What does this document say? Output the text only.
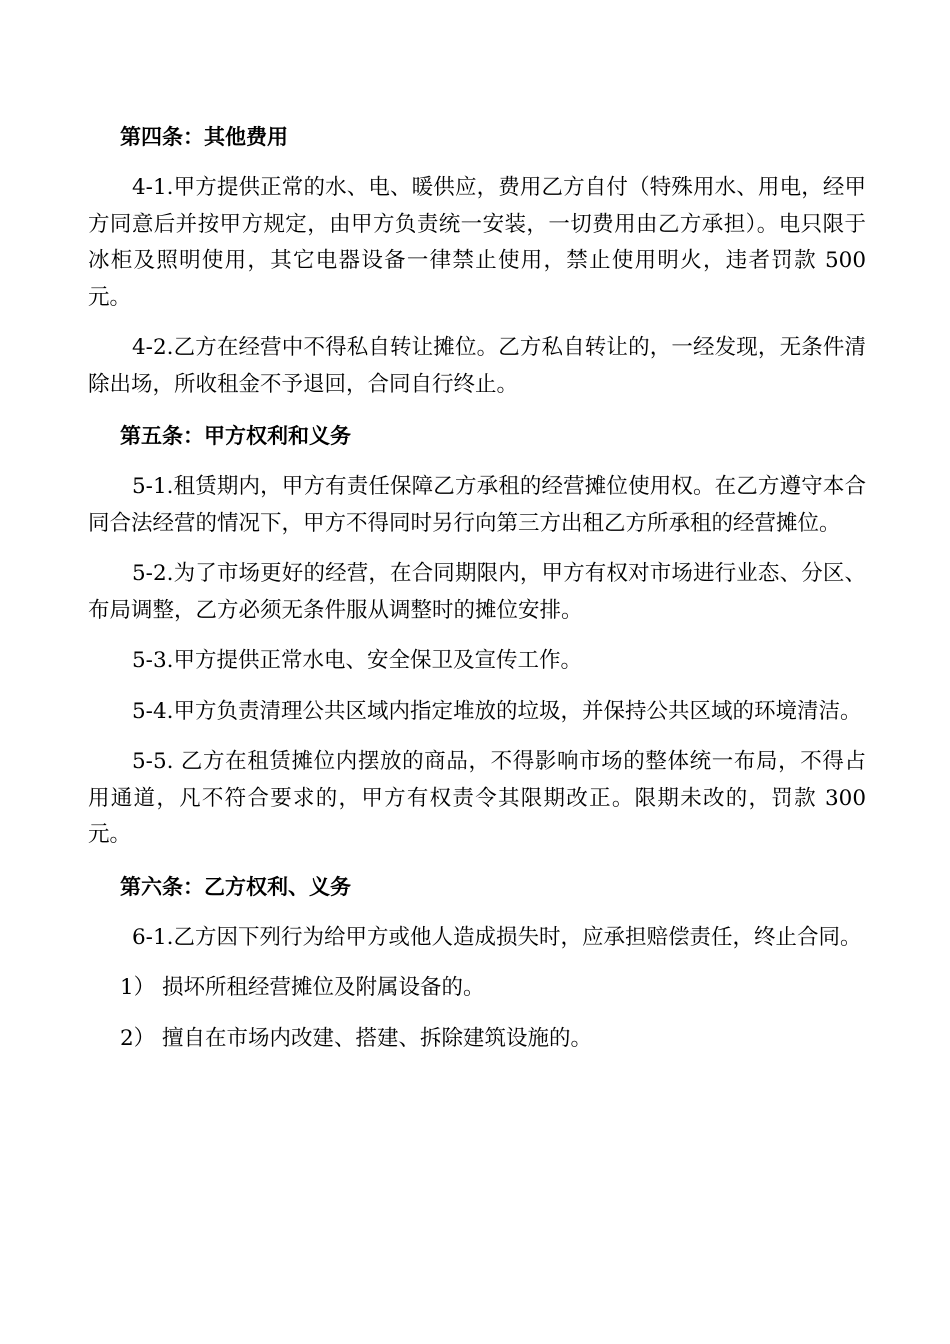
第四条：其他费用

4-1.甲方提供正常的水、电、暖供应，费用乙方自付（特殊用水、用电，经甲方同意后并按甲方规定，由甲方负责统一安装，一切费用由乙方承担）。电只限于冰柜及照明使用，其它电器设备一律禁止使用，禁止使用明火，违者罚款 500 元。

4-2.乙方在经营中不得私自转让摊位。乙方私自转让的，一经发现，无条件清除出场，所收租金不予退回，合同自行终止。

第五条：甲方权利和义务

5-1.租赁期内，甲方有责任保障乙方承租的经营摊位使用权。在乙方遵守本合同合法经营的情况下，甲方不得同时另行向第三方出租乙方所承租的经营摊位。

5-2.为了市场更好的经营，在合同期限内，甲方有权对市场进行业态、分区、布局调整，乙方必须无条件服从调整时的摊位安排。

5-3.甲方提供正常水电、安全保卫及宣传工作。

5-4.甲方负责清理公共区域内指定堆放的垃圾，并保持公共区域的环境清洁。

5-5. 乙方在租赁摊位内摆放的商品，不得影响市场的整体统一布局，不得占用通道，凡不符合要求的，甲方有权责令其限期改正。限期未改的，罚款 300 元。

第六条：乙方权利、义务

6-1.乙方因下列行为给甲方或他人造成损失时，应承担赔偿责任，终止合同。

1） 损坏所租经营摊位及附属设备的。
2） 擅自在市场内改建、搭建、拆除建筑设施的。
